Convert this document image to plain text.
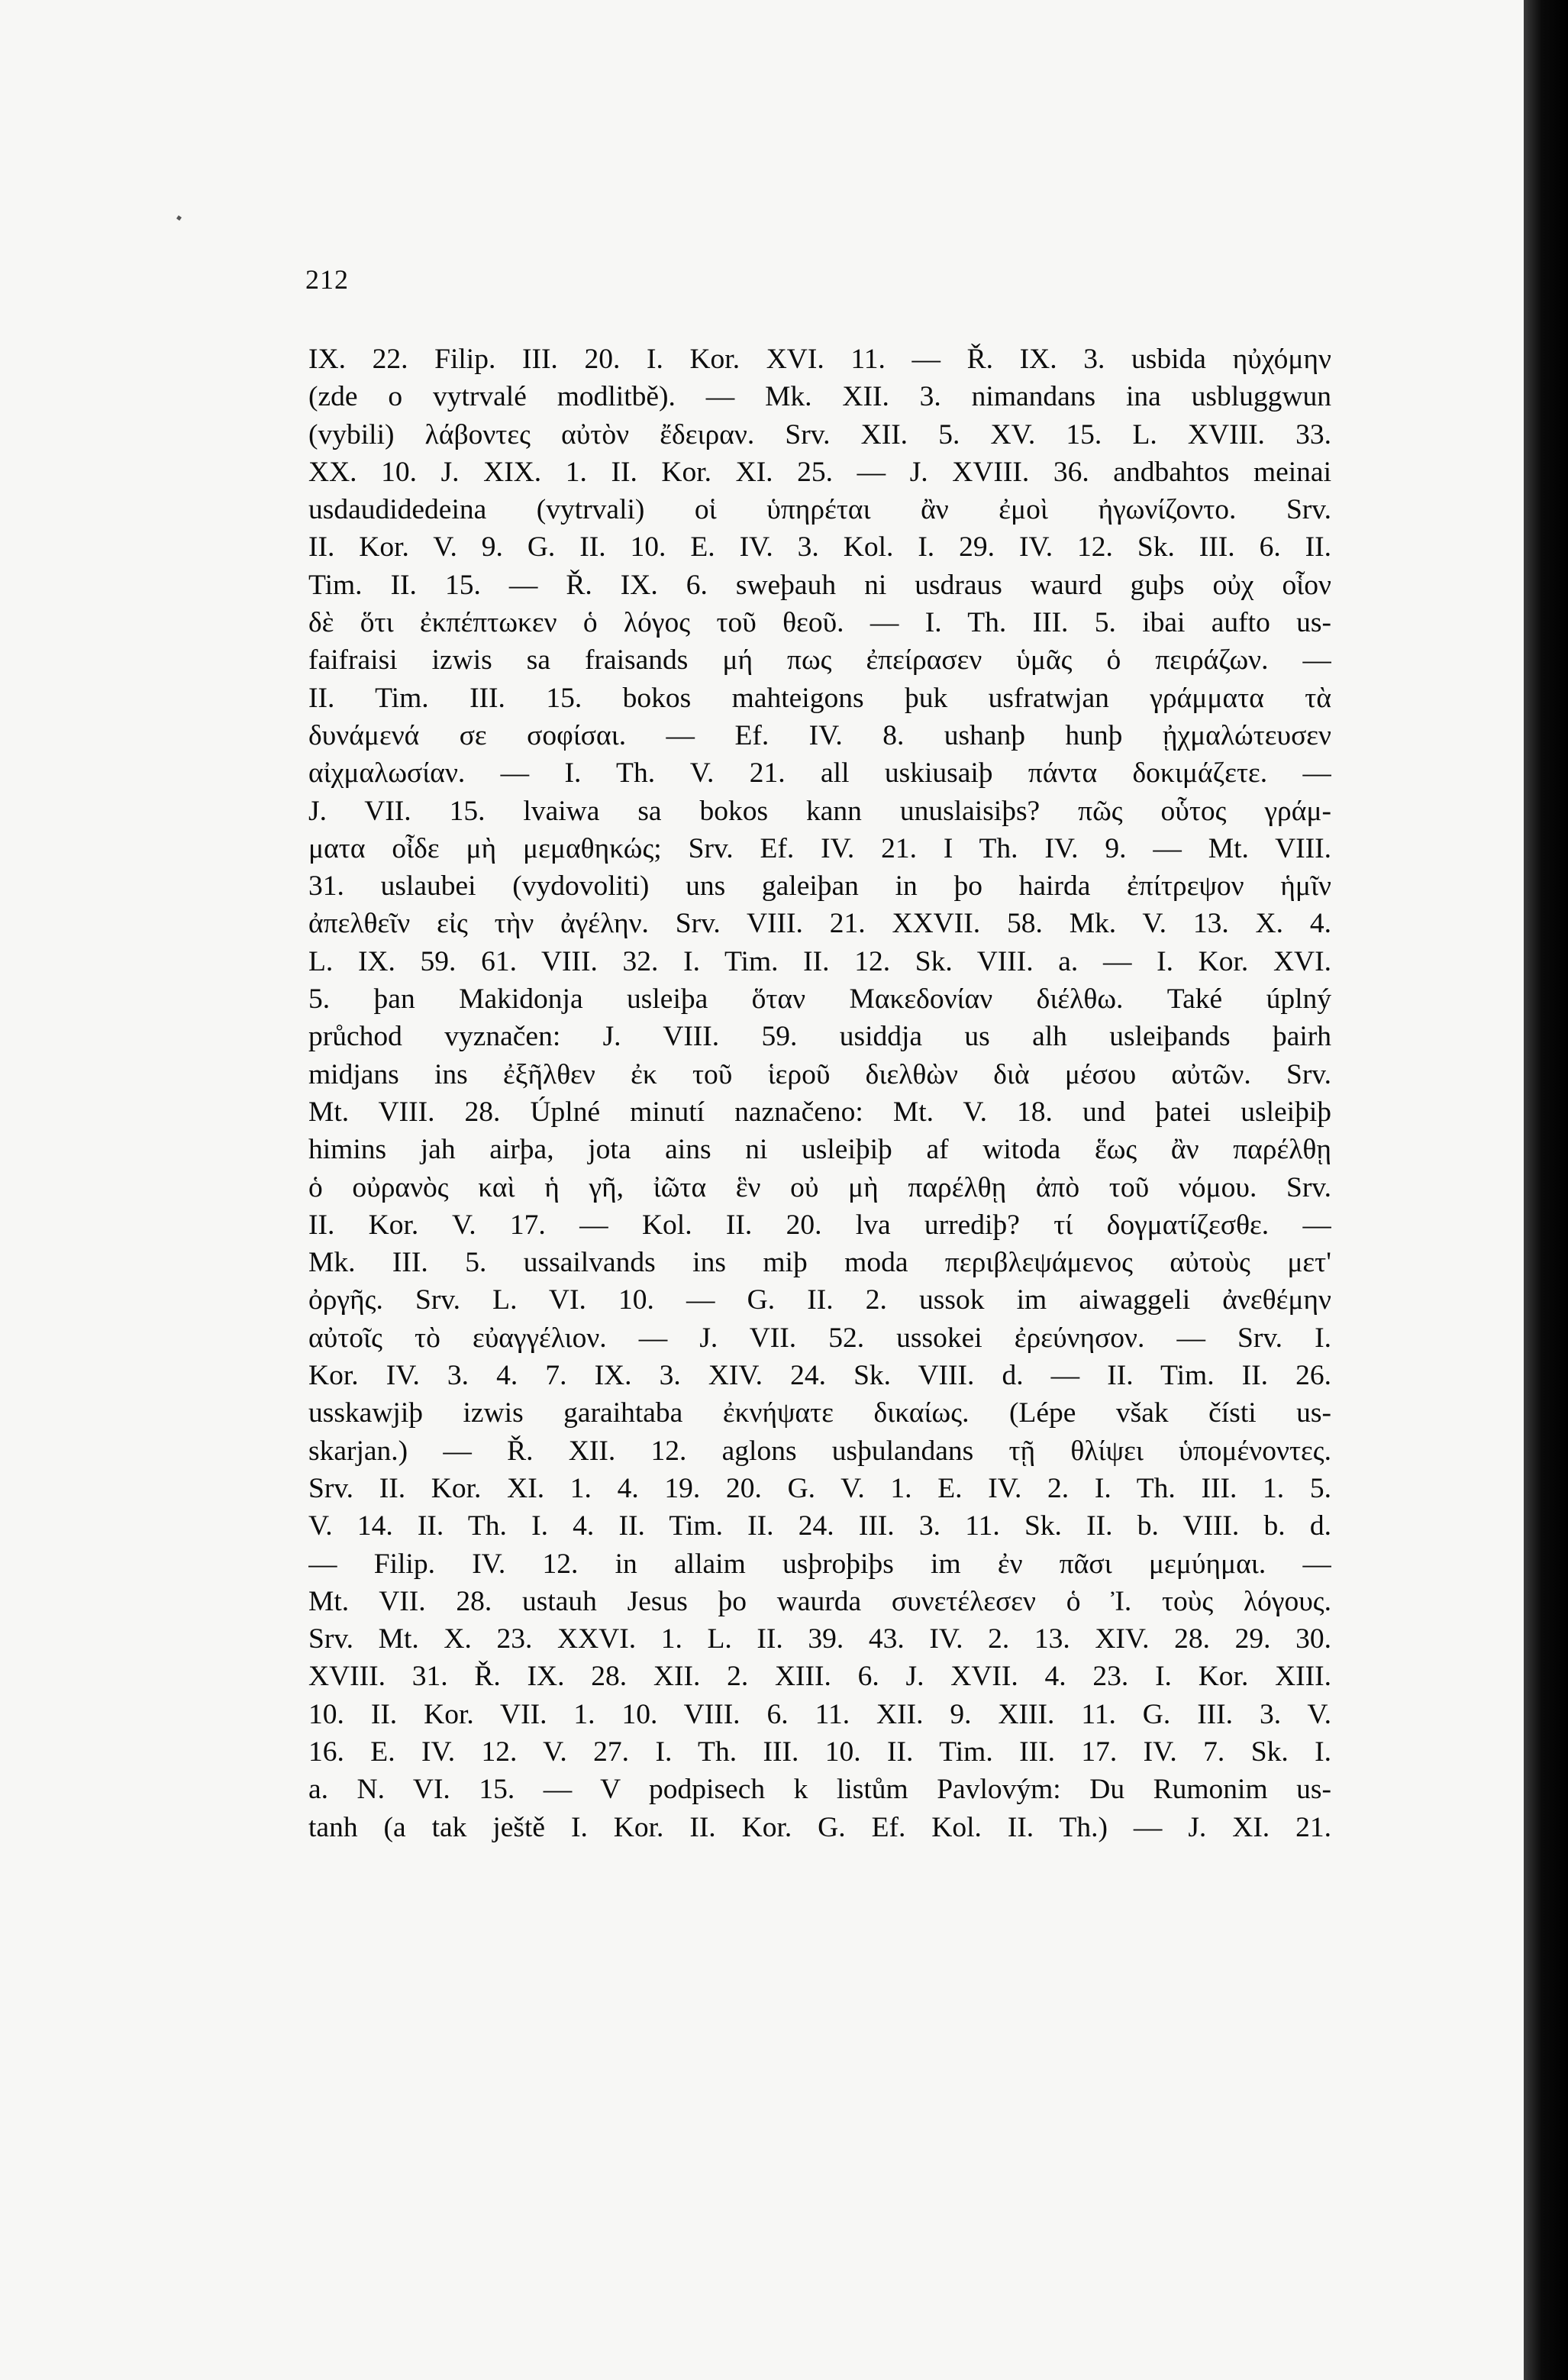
212
IX. 22. Filip. III. 20. I. Kor. XVI. 11. — Ř. IX. 3. usbida ηὐχόμην
(zde o vytrvalé modlitbě). — Mk. XII. 3. nimandans ina usbluggwun
(vybili) λάβοντες αὐτὸν ἔδειραν. Srv. XII. 5. XV. 15. L. XVIII. 33.
XX. 10. J. XIX. 1. II. Kor. XI. 25. — J. XVIII. 36. andbahtos meinai
usdaudidedeina (vytrvali) οἱ ὑπηρέται ἂν ἐμοὶ ἠγωνίζοντο. Srv.
II. Kor. V. 9. G. II. 10. E. IV. 3. Kol. I. 29. IV. 12. Sk. III. 6. II.
Tim. II. 15. — Ř. IX. 6. sweþauh ni usdraus waurd guþs οὐχ οἷον
δὲ ὅτι ἐκπέπτωκεν ὁ λόγος τοῦ θεοῦ. — I. Th. III. 5. ibai aufto us-
faifraisi izwis sa fraisands μή πως ἐπείρασεν ὑμᾶς ὁ πειράζων. —
II. Tim. III. 15. bokos mahteigons þuk usfratwjan γράμματα τὰ
δυνάμενά σε σοφίσαι. — Ef. IV. 8. ushanþ hunþ ᾐχμαλώτευσεν
αἰχμαλωσίαν. — I. Th. V. 21. all uskiusaiþ πάντα δοκιμάζετε. —
J. VII. 15. lvaiwa sa bokos kann unuslaisiþs? πῶς οὗτος γράμ-
ματα οἶδε μὴ μεμαθηκώς; Srv. Ef. IV. 21. I Th. IV. 9. — Mt. VIII.
31. uslaubei (vydovoliti) uns galeiþan in þo hairda ἐπίτρεψον ἡμῖν
ἀπελθεῖν εἰς τὴν ἀγέλην. Srv. VIII. 21. XXVII. 58. Mk. V. 13. X. 4.
L. IX. 59. 61. VIII. 32. I. Tim. II. 12. Sk. VIII. a. — I. Kor. XVI.
5. þan Makidonja usleiþa ὅταν Μακεδονίαν διέλθω. Také úplný
průchod vyznačen: J. VIII. 59. usiddja us alh usleiþands þairh
midjans ins ἐξῆλθεν ἐκ τοῦ ἱεροῦ διελθὼν διὰ μέσου αὐτῶν. Srv.
Mt. VIII. 28. Úplné minutí naznačeno: Mt. V. 18. und þatei usleiþiþ
himins jah airþa, jota ains ni usleiþiþ af witoda ἕως ἂν παρέλθῃ
ὁ οὐρανὸς καὶ ἡ γῆ, ἰῶτα ἓν οὐ μὴ παρέλθῃ ἀπὸ τοῦ νόμου. Srv.
II. Kor. V. 17. — Kol. II. 20. lva urrediþ? τί δογματίζεσθε. —
Mk. III. 5. ussailvands ins miþ moda περιβλεψάμενος αὐτοὺς μετ'
ὀργῆς. Srv. L. VI. 10. — G. II. 2. ussok im aiwaggeli ἀνεθέμην
αὐτοῖς τὸ εὐαγγέλιον. — J. VII. 52. ussokei ἐρεύνησον. — Srv. I.
Kor. IV. 3. 4. 7. IX. 3. XIV. 24. Sk. VIII. d. — II. Tim. II. 26.
usskawjiþ izwis garaihtaba ἐκνήψατε δικαίως. (Lépe však čísti us-
skarjan.) — Ř. XII. 12. aglons usþulandans τῇ θλίψει ὑπομένοντες.
Srv. II. Kor. XI. 1. 4. 19. 20. G. V. 1. E. IV. 2. I. Th. III. 1. 5.
V. 14. II. Th. I. 4. II. Tim. II. 24. III. 3. 11. Sk. II. b. VIII. b. d.
— Filip. IV. 12. in allaim usþroþiþs im ἐν πᾶσι μεμύημαι. —
Mt. VII. 28. ustauh Jesus þo waurda συνετέλεσεν ὁ Ἰ. τοὺς λόγους.
Srv. Mt. X. 23. XXVI. 1. L. II. 39. 43. IV. 2. 13. XIV. 28. 29. 30.
XVIII. 31. Ř. IX. 28. XII. 2. XIII. 6. J. XVII. 4. 23. I. Kor. XIII.
10. II. Kor. VII. 1. 10. VIII. 6. 11. XII. 9. XIII. 11. G. III. 3. V.
16. E. IV. 12. V. 27. I. Th. III. 10. II. Tim. III. 17. IV. 7. Sk. I.
a. N. VI. 15. — V podpisech k listům Pavlovým: Du Rumonim us-
tanh (a tak ještě I. Kor. II. Kor. G. Ef. Kol. II. Th.) — J. XI. 21.
